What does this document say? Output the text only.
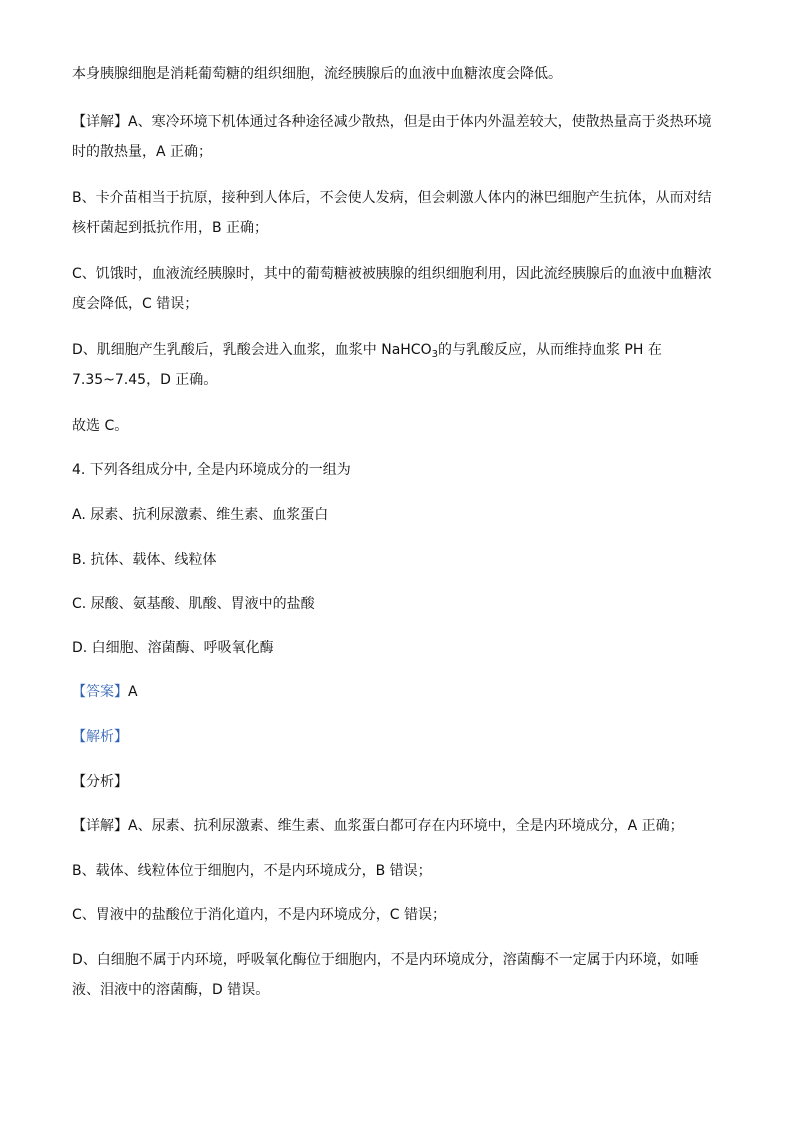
本身胰腺细胞是消耗葡萄糖的组织细胞，流经胰腺后的血液中血糖浓度会降低。
【详解】A、寒冷环境下机体通过各种途径减少散热，但是由于体内外温差较大，使散热量高于炎热环境
时的散热量，A 正确；
B、卡介苗相当于抗原，接种到人体后，不会使人发病，但会刺激人体内的淋巴细胞产生抗体，从而对结
核杆菌起到抵抗作用，B 正确；
C、饥饿时，血液流经胰腺时，其中的葡萄糖被被胰腺的组织细胞利用，因此流经胰腺后的血液中血糖浓
度会降低，C 错误；
D、肌细胞产生乳酸后，乳酸会进入血浆，血浆中 NaHCO$_3$的与乳酸反应，从而维持血浆 PH 在
7.35~7.45，D 正确。
故选 C。
4. 下列各组成分中, 全是内环境成分的一组为
A. 尿素、抗利尿激素、维生素、血浆蛋白
B. 抗体、载体、线粒体
C. 尿酸、氨基酸、肌酸、胃液中的盐酸
D. 白细胞、溶菌酶、呼吸氧化酶
【答案】A
【解析】
【分析】
【详解】A、尿素、抗利尿激素、维生素、血浆蛋白都可存在内环境中，全是内环境成分，A 正确；
B、载体、线粒体位于细胞内，不是内环境成分，B 错误；
C、胃液中的盐酸位于消化道内，不是内环境成分，C 错误；
D、白细胞不属于内环境，呼吸氧化酶位于细胞内，不是内环境成分，溶菌酶不一定属于内环境，如唾
液、泪液中的溶菌酶，D 错误。
